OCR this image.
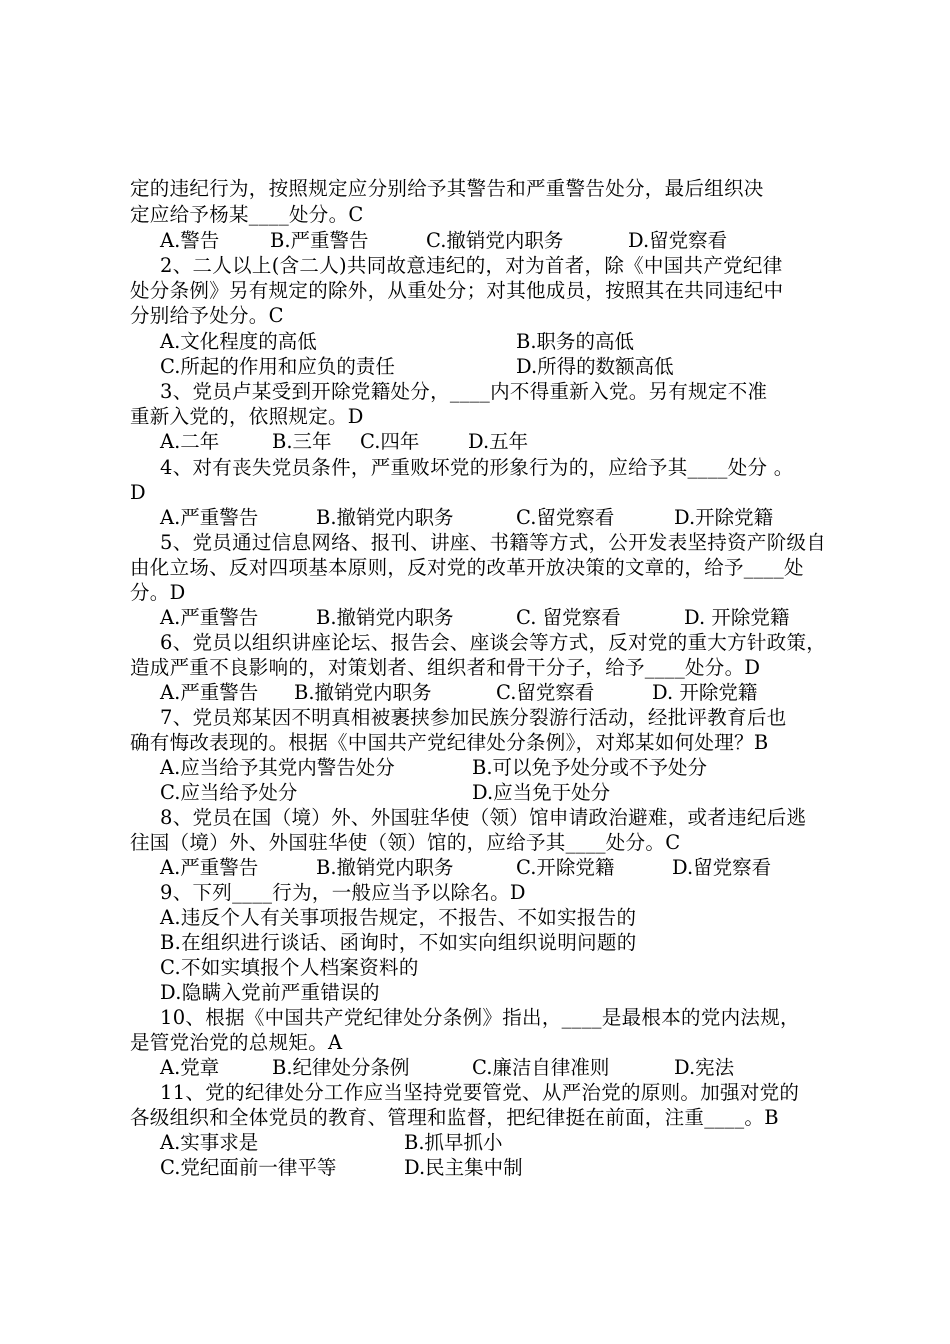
定的违纪行为，按照规定应分别给予其警告和严重警告处分，最后组织决
定应给予杨某____处分。C
A.警告	B.严重警告	C.撤销党内职务	D.留党察看
2、二人以上(含二人)共同故意违纪的，对为首者，除《中国共产党纪律
处分条例》另有规定的除外，从重处分；对其他成员，按照其在共同违纪中
分别给予处分。C
A.文化程度的高低	B.职务的高低
C.所起的作用和应负的责任	D.所得的数额高低
3、党员卢某受到开除党籍处分，____内不得重新入党。另有规定不准
重新入党的，依照规定。D
A.二年	B.三年 C.四年 D.五年
4、对有丧失党员条件，严重败坏党的形象行为的，应给予其____处分 。
D
A.严重警告	B.撤销党内职务	C.留党察看	D.开除党籍
5、党员通过信息网络、报刊、讲座、书籍等方式，公开发表坚持资产阶级自
由化立场、反对四项基本原则，反对党的改革开放决策的文章的，给予____处
分。D
A.严重警告	B.撤销党内职务	C. 留党察看	D. 开除党籍
6、党员以组织讲座论坛、报告会、座谈会等方式，反对党的重大方针政策，
造成严重不良影响的，对策划者、组织者和骨干分子，给予____处分。D
A.严重警告 B.撤销党内职务	C.留党察看	D. 开除党籍
7、党员郑某因不明真相被裹挟参加民族分裂游行活动，经批评教育后也
确有悔改表现的。根据《中国共产党纪律处分条例》，对郑某如何处理？B
A.应当给予其党内警告处分	B.可以免予处分或不予处分
C.应当给予处分	D.应当免于处分
8、党员在国（境）外、外国驻华使（领）馆申请政治避难，或者违纪后逃
往国（境）外、外国驻华使（领）馆的，应给予其____处分。C
A.严重警告	B.撤销党内职务	C.开除党籍	D.留党察看
9、下列____行为，一般应当予以除名。D
A.违反个人有关事项报告规定，不报告、不如实报告的
B.在组织进行谈话、函询时，不如实向组织说明问题的
C.不如实填报个人档案资料的
D.隐瞒入党前严重错误的
10、根据《中国共产党纪律处分条例》指出，____是最根本的党内法规，
是管党治党的总规矩。A
A.党章	B.纪律处分条例	C.廉洁自律准则	D.宪法
11、党的纪律处分工作应当坚持党要管党、从严治党的原则。加强对党的
各级组织和全体党员的教育、管理和监督，把纪律挺在前面，注重____。B
A.实事求是	B.抓早抓小
C.党纪面前一律平等	D.民主集中制
